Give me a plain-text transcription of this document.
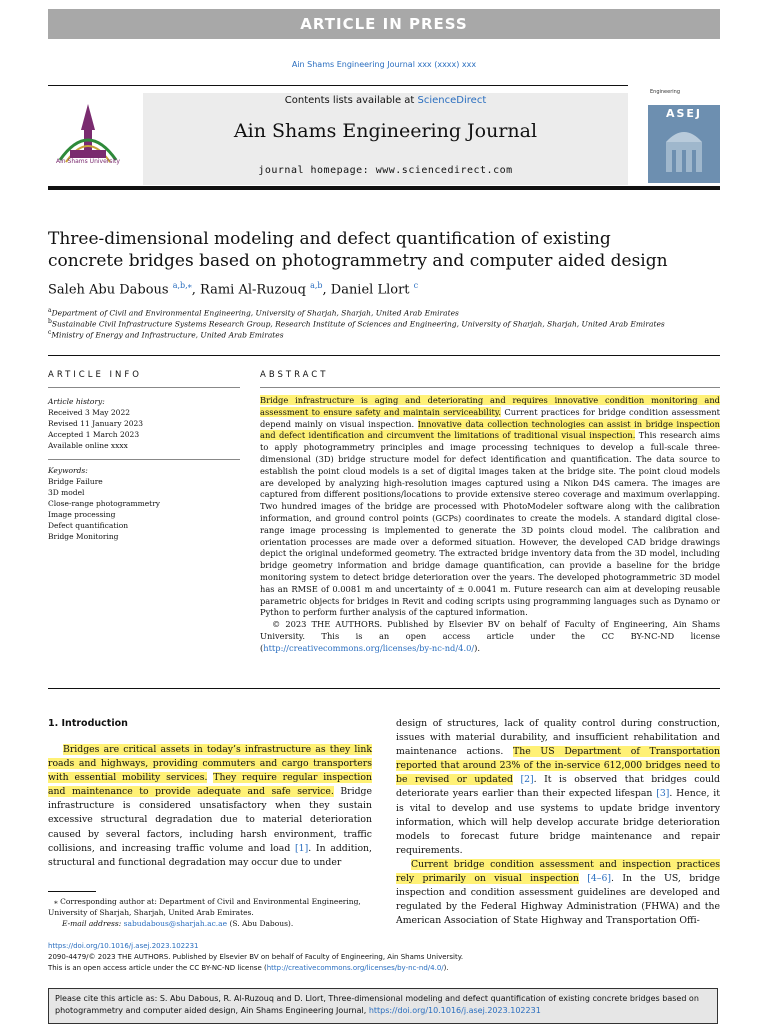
ARTICLE IN PRESS
Ain Shams Engineering Journal xxx (xxxx) xxx
Ain Shams University
Contents lists available at ScienceDirect
Ain Shams Engineering Journal
journal homepage: www.sciencedirect.com
Engineering
ASEJ
Three-dimensional modeling and defect quantification of existing
concrete bridges based on photogrammetry and computer aided design
Saleh Abu Dabous $^{a,b,⁎}$, Rami Al-Ruzouq $^{a,b}$, Daniel Llort $^c$
$^a$Department of Civil and Environmental Engineering, University of Sharjah, Sharjah, United Arab Emirates
$^b$Sustainable Civil Infrastructure Systems Research Group, Research Institute of Sciences and Engineering, University of Sharjah, Sharjah, United Arab Emirates
$^c$Ministry of Energy and Infrastructure, United Arab Emirates
ARTICLE INFO
Article history:
Received 3 May 2022
Revised 11 January 2023
Accepted 1 March 2023
Available online xxxx
Keywords:
Bridge Failure
3D model
Close-range photogrammetry
Image processing
Defect quantification
Bridge Monitoring
ABSTRACT

Bridge infrastructure is aging and deteriorating and requires innovative condition monitoring and assessment to ensure safety and maintain serviceability. Current practices for bridge condition assessment depend mainly on visual inspection. Innovative data collection technologies can assist in bridge inspection and defect identification and circumvent the limitations of traditional visual inspection. This research aims to apply photogrammetry principles and image processing techniques to develop a full-scale three-dimensional (3D) bridge structure model for defect identification and quantification. The data source to establish the point cloud models is a set of digital images taken at the bridge site. The point cloud models are developed by analyzing high-resolution images captured using a Nikon D4S camera. The images are captured from different positions/locations to provide extensive stereo coverage and maximum overlapping. Two hundred images of the bridge are processed with PhotoModeler software along with the calibration information, and ground control points (GCPs) coordinates to create the models. A standard digital close-range image processing is implemented to generate the 3D points cloud model. The calibration and orientation processes are made over a deformed situation. However, the developed CAD bridge drawings depict the original undeformed geometry. The extracted bridge inventory data from the 3D model, including bridge geometry information and bridge damage quantification, can provide a baseline for the bridge monitoring system to detect bridge deterioration over the years. The developed photogrammetric 3D model has an RMSE of 0.0081 m and uncertainty of ± 0.0041 m. Future research can aim at developing reusable parametric objects for bridges in Revit and coding scripts using programming languages such as Dynamo or Python to perform further analysis of the captured information.

© 2023 THE AUTHORS. Published by Elsevier BV on behalf of Faculty of Engineering, Ain Shams University. This is an open access article under the CC BY-NC-ND license (http://creativecommons.org/licenses/by-nc-nd/4.0/).

1. Introduction

Bridges are critical assets in today’s infrastructure as they link roads and highways, providing commuters and cargo transporters with essential mobility services. They require regular inspection and maintenance to provide adequate and safe service. Bridge infrastructure is considered unsatisfactory when they sustain excessive structural degradation due to material deterioration caused by several factors, including harsh environment, traffic collisions, and increasing traffic volume and load [1]. In addition, structural and functional degradation may occur due to under

design of structures, lack of quality control during construction, issues with material durability, and insufficient rehabilitation and maintenance actions. The US Department of Transportation reported that around 23% of the in-service 612,000 bridges need to be revised or updated [2]. It is observed that bridges could deteriorate years earlier than their expected lifespan [3]. Hence, it is vital to develop and use systems to update bridge inventory information, which will help develop accurate bridge deterioration models to forecast future bridge maintenance and repair requirements.

Current bridge condition assessment and inspection practices rely primarily on visual inspection [4–6]. In the US, bridge inspection and condition assessment guidelines are developed and regulated by the Federal Highway Administration (FHWA) and the American Association of State Highway and Transportation Offi-

⁎ Corresponding author at: Department of Civil and Environmental Engineering, University of Sharjah, Sharjah, United Arab Emirates.
E-mail address: sabudabous@sharjah.ac.ae (S. Abu Dabous).
https://doi.org/10.1016/j.asej.2023.102231
2090-4479/© 2023 THE AUTHORS. Published by Elsevier BV on behalf of Faculty of Engineering, Ain Shams University.
This is an open access article under the CC BY-NC-ND license (http://creativecommons.org/licenses/by-nc-nd/4.0/).
Please cite this article as: S. Abu Dabous, R. Al-Ruzouq and D. Llort, Three-dimensional modeling and defect quantification of existing concrete bridges based on photogrammetry and computer aided design, Ain Shams Engineering Journal, https://doi.org/10.1016/j.asej.2023.102231
